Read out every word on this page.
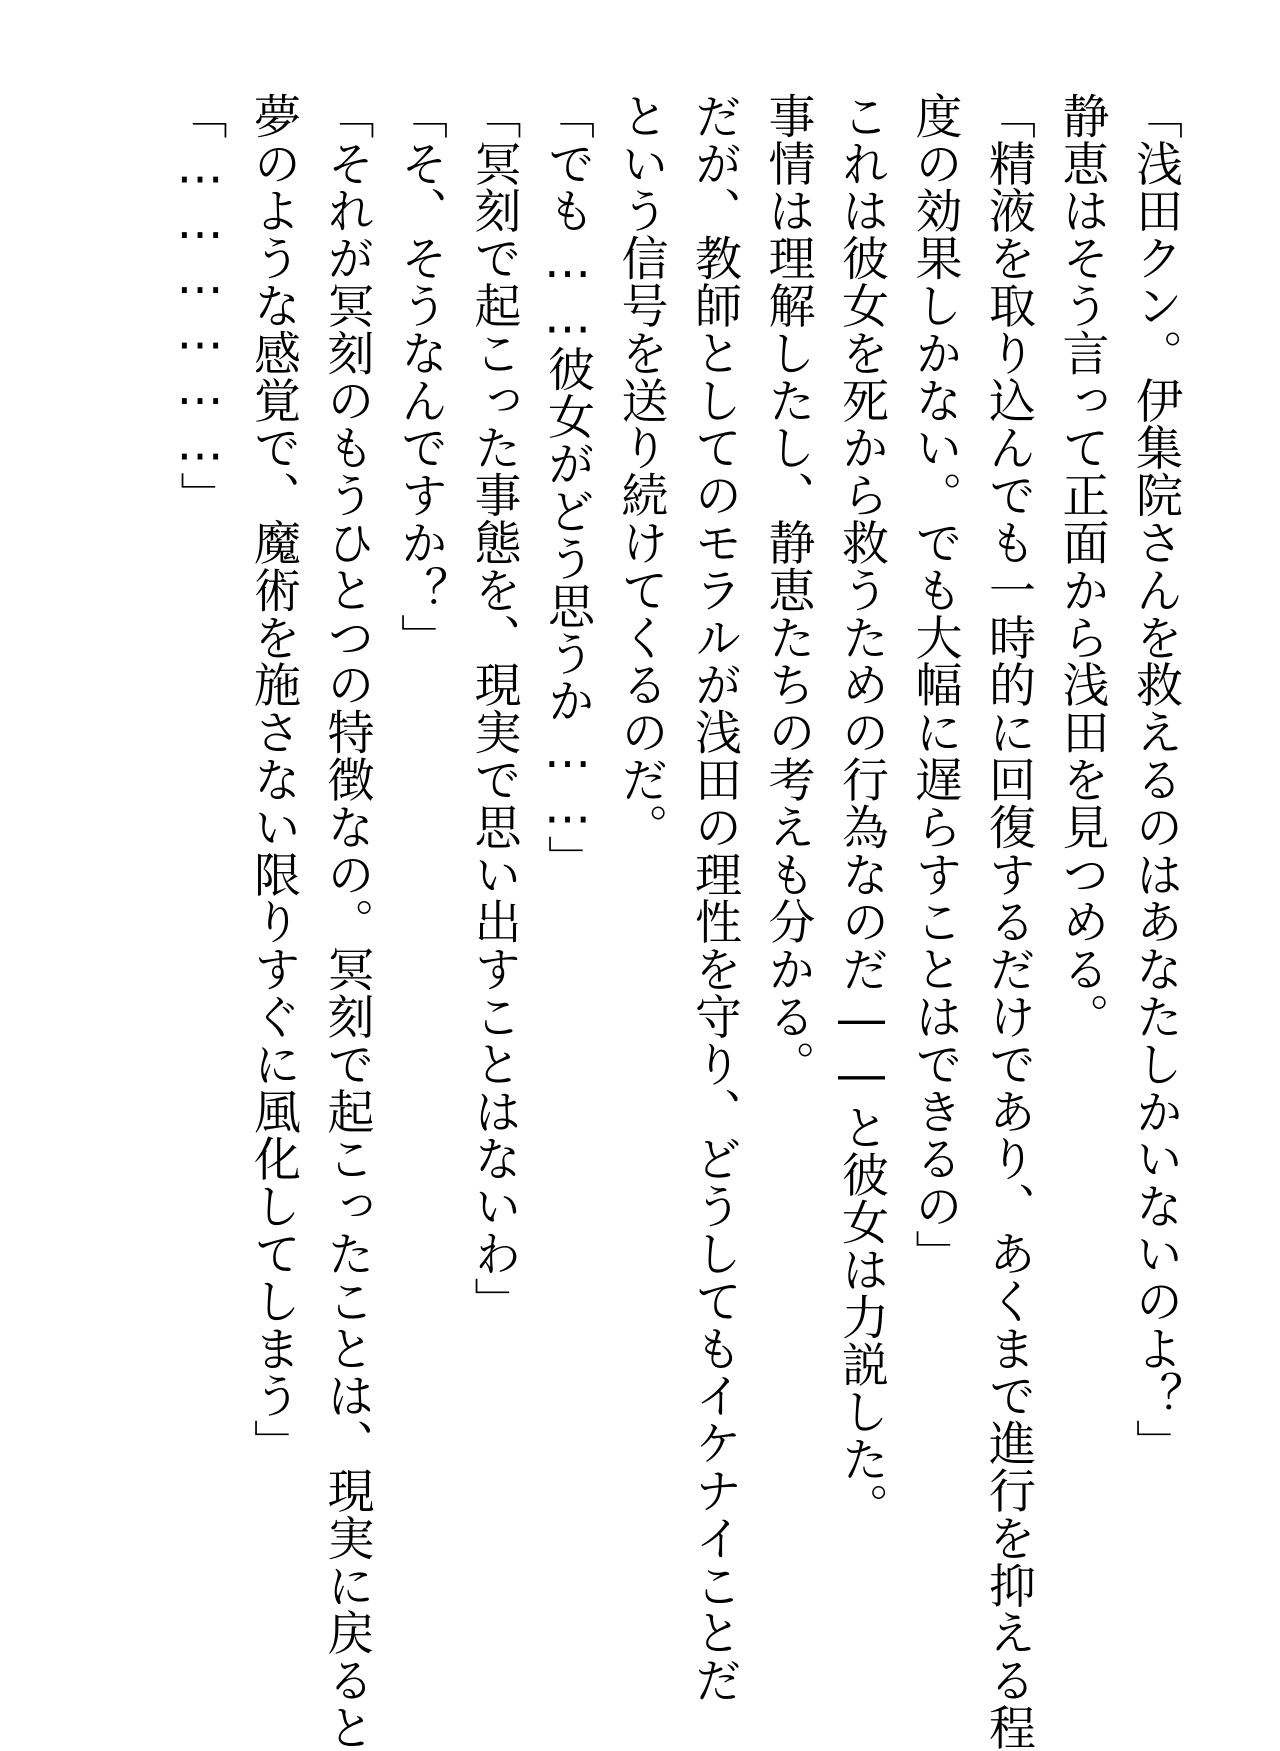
「浅田クン。伊集院さんを救えるのはあなたしかいないのよ？」

静恵はそう言って正面から浅田を見つめる。

「精液を取り込んでも一時的に回復するだけであり、あくまで進行を抑える程

度の効果しかない。でも大幅に遅らすことはできるの」

これは彼女を死から救うための行為なのだ――と彼女は力説した。

事情は理解したし、静恵たちの考えも分かる。

だが、教師としてのモラルが浅田の理性を守り、どうしてもイケナイことだ

という信号を送り続けてくるのだ。

「でも……彼女がどう思うか……」

「冥刻で起こった事態を、現実で思い出すことはないわ」

「そ、そうなんですか？」

「それが冥刻のもうひとつの特徴なの。冥刻で起こったことは、現実に戻ると

夢のような感覚で、魔術を施さない限りすぐに風化してしまう」

「………………」
